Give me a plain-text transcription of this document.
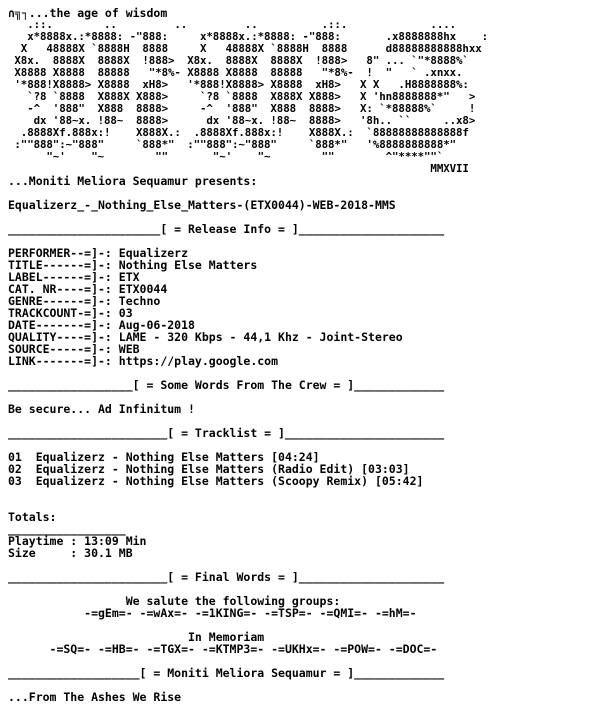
∩╗┐...the age of wisdom
.::.        ..         ..         ..          .::.             ....
x*8888x.:*8888: -"888:     x*8888x.:*8888: -"888:       .x8888888hx    :
X   48888X `8888H  8888     X   48888X `8888H  8888      d88888888888hxx
X8x.  8888X  8888X  !888>  X8x.  8888X  8888X  !888>   8" ... `"*8888%`
X8888 X8888  88888   "*8%- X8888 X8888  88888   "*8%-  !  "   ` .xnxx.
'*888!X8888> X8888  xH8>   '*888!X8888> X8888  xH8>   X X   .H8888888%:
`?8 `8888  X888X X888>     `?8 `8888  X888X X888>   X 'hn8888888*"   >
-^  '888"  X888  8888>     -^  '888"  X888  8888>   X: `*88888%`     !
dx '88~x. !88~  8888>      dx '88~x. !88~  8888>   '8h.. ``     ..x8>
.8888Xf.888x:!    X888X.:  .8888Xf.888x:!    X888X.:  `88888888888888f
:""888":~"888"     `888*"  :""888":~"888"     `888*"   '%8888888888*"
"~'    "~        ""       "~'    "~        ""        ^"****""`
MMXVII
...Moniti Meliora Sequamur presents:
Equalizerz_-_Nothing_Else_Matters-(ETX0044)-WEB-2018-MMS
______________________[ = Release Info = ]_____________________
PERFORMER--=]-: Equalizerz
TITLE------=]-: Nothing Else Matters
LABEL------=]-: ETX
CAT. NR----=]-: ETX0044
GENRE------=]-: Techno
TRACKCOUNT-=]-: 03
DATE-------=]-: Aug-06-2018
QUALITY----=]-: LAME - 320 Kbps - 44,1 Khz - Joint-Stereo
SOURCE-----=]-: WEB
LINK-------=]-: https://play.google.com
__________________[ = Some Words From The Crew = ]_____________
Be secure... Ad Infinitum !
_______________________[ = Tracklist = ]_______________________
01  Equalizerz - Nothing Else Matters [04:24]
02  Equalizerz - Nothing Else Matters (Radio Edit) [03:03]
03  Equalizerz - Nothing Else Matters (Scoopy Remix) [05:42]
Totals:
_________________
Playtime : 13:09 Min
Size     : 30.1 MB
_______________________[ = Final Words = ]_____________________
We salute the following groups:
-=gEm=- -=wAx=- -=1KING=- -=TSP=- -=QMI=- -=hM=-
In Memoriam
-=SQ=- -=HB=- -=TGX=- -=KTMP3=- -=UKHx=- -=POW=- -=DOC=-
___________________[ = Moniti Meliora Sequamur = ]_____________
...From The Ashes We Rise
